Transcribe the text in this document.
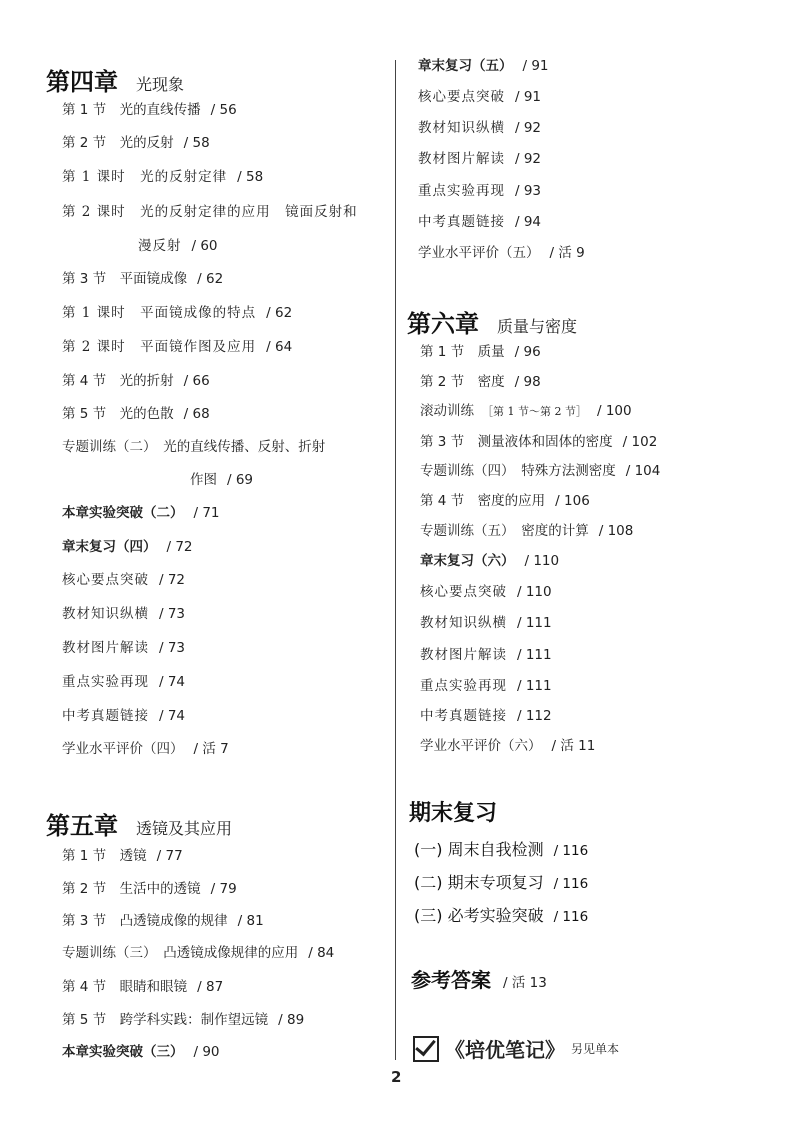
第四章 光现象
第 1 节　光的直线传播 / 56
第 2 节　光的反射 / 58
第 1 课时　光的反射定律 / 58
第 2 课时　光的反射定律的应用　镜面反射和
漫反射 / 60
第 3 节　平面镜成像 / 62
第 1 课时　平面镜成像的特点 / 62
第 2 课时　平面镜作图及应用 / 64
第 4 节　光的折射 / 66
第 5 节　光的色散 / 68
专题训练（二）　光的直线传播、反射、折射
作图 / 69
本章实验突破（二） / 71
章末复习（四） / 72
核心要点突破 / 72
教材知识纵横 / 73
教材图片解读 / 73
重点实验再现 / 74
中考真题链接 / 74
学业水平评价（四） / 活 7
第五章 透镜及其应用
第 1 节　透镜 / 77
第 2 节　生活中的透镜 / 79
第 3 节　凸透镜成像的规律 / 81
专题训练（三）　凸透镜成像规律的应用 / 84
第 4 节　眼睛和眼镜 / 87
第 5 节　跨学科实践：制作望远镜 / 89
本章实验突破（三） / 90
章末复习（五） / 91
核心要点突破 / 91
教材知识纵横 / 92
教材图片解读 / 92
重点实验再现 / 93
中考真题链接 / 94
学业水平评价（五） / 活 9
第六章 质量与密度
第 1 节　质量 / 96
第 2 节　密度 / 98
滚动训练 ［第 1 节～第 2 节］ / 100
第 3 节　测量液体和固体的密度 / 102
专题训练（四）　特殊方法测密度 / 104
第 4 节　密度的应用 / 106
专题训练（五）　密度的计算 / 108
章末复习（六） / 110
核心要点突破 / 110
教材知识纵横 / 111
教材图片解读 / 111
重点实验再现 / 111
中考真题链接 / 112
学业水平评价（六） / 活 11
期末复习
(一) 周末自我检测 / 116
(二) 期末专项复习 / 116
(三) 必考实验突破 / 116
参考答案 / 活 13
《培优笔记》 另见单本
2
